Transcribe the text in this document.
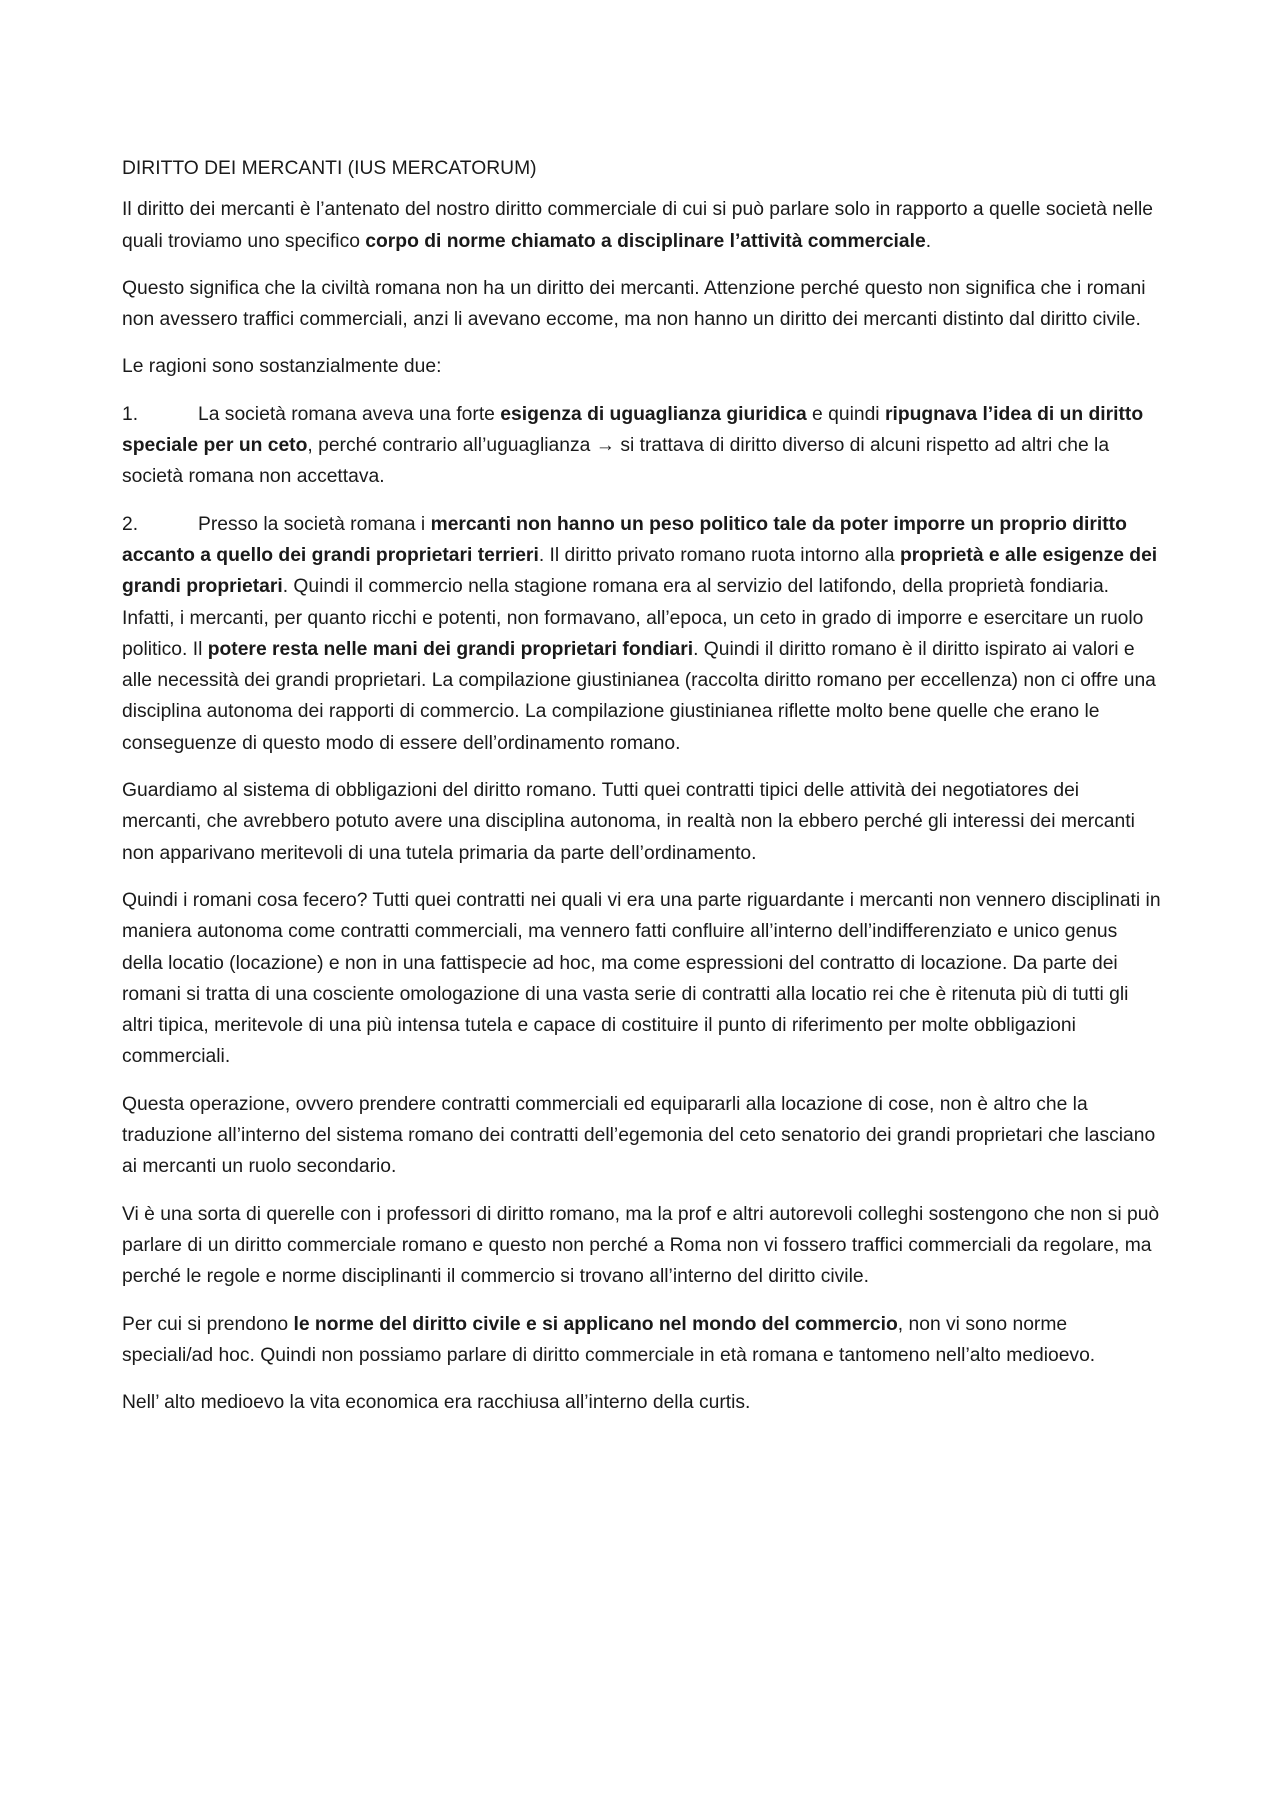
DIRITTO DEI MERCANTI (IUS MERCATORUM)

Il diritto dei mercanti è l’antenato del nostro diritto commerciale di cui si può parlare solo in rapporto a quelle società nelle quali troviamo uno specifico corpo di norme chiamato a disciplinare l’attività commerciale.

Questo significa che la civiltà romana non ha un diritto dei mercanti. Attenzione perché questo non significa che i romani non avessero traffici commerciali, anzi li avevano eccome, ma non hanno un diritto dei mercanti distinto dal diritto civile.

Le ragioni sono sostanzialmente due:

1.	La società romana aveva una forte esigenza di uguaglianza giuridica e quindi ripugnava l’idea di un diritto speciale per un ceto, perché contrario all’uguaglianza → si trattava di diritto diverso di alcuni rispetto ad altri che la società romana non accettava.
2.	Presso la società romana i mercanti non hanno un peso politico tale da poter imporre un proprio diritto accanto a quello dei grandi proprietari terrieri. Il diritto privato romano ruota intorno alla proprietà e alle esigenze dei grandi proprietari. Quindi il commercio nella stagione romana era al servizio del latifondo, della proprietà fondiaria. Infatti, i mercanti, per quanto ricchi e potenti, non formavano, all’epoca, un ceto in grado di imporre e esercitare un ruolo politico. Il potere resta nelle mani dei grandi proprietari fondiari. Quindi il diritto romano è il diritto ispirato ai valori e alle necessità dei grandi proprietari. La compilazione giustinianea (raccolta diritto romano per eccellenza) non ci offre una disciplina autonoma dei rapporti di commercio. La compilazione giustinianea riflette molto bene quelle che erano le conseguenze di questo modo di essere dell’ordinamento romano.

Guardiamo al sistema di obbligazioni del diritto romano. Tutti quei contratti tipici delle attività dei negotiatores dei mercanti, che avrebbero potuto avere una disciplina autonoma, in realtà non la ebbero perché gli interessi dei mercanti non apparivano meritevoli di una tutela primaria da parte dell’ordinamento.

Quindi i romani cosa fecero? Tutti quei contratti nei quali vi era una parte riguardante i mercanti non vennero disciplinati in maniera autonoma come contratti commerciali, ma vennero fatti confluire all’interno dell’indifferenziato e unico genus della locatio (locazione) e non in una fattispecie ad hoc, ma come espressioni del contratto di locazione. Da parte dei romani si tratta di una cosciente omologazione di una vasta serie di contratti alla locatio rei che è ritenuta più di tutti gli altri tipica, meritevole di una più intensa tutela e capace di costituire il punto di riferimento per molte obbligazioni commerciali.

Questa operazione, ovvero prendere contratti commerciali ed equipararli alla locazione di cose, non è altro che la traduzione all’interno del sistema romano dei contratti dell’egemonia del ceto senatorio dei grandi proprietari che lasciano ai mercanti un ruolo secondario.

Vi è una sorta di querelle con i professori di diritto romano, ma la prof e altri autorevoli colleghi sostengono che non si può parlare di un diritto commerciale romano e questo non perché a Roma non vi fossero traffici commerciali da regolare, ma perché le regole e norme disciplinanti il commercio si trovano all’interno del diritto civile.

Per cui si prendono le norme del diritto civile e si applicano nel mondo del commercio, non vi sono norme speciali/ad hoc. Quindi non possiamo parlare di diritto commerciale in età romana e tantomeno nell’alto medioevo.

Nell’ alto medioevo la vita economica era racchiusa all’interno della curtis.
